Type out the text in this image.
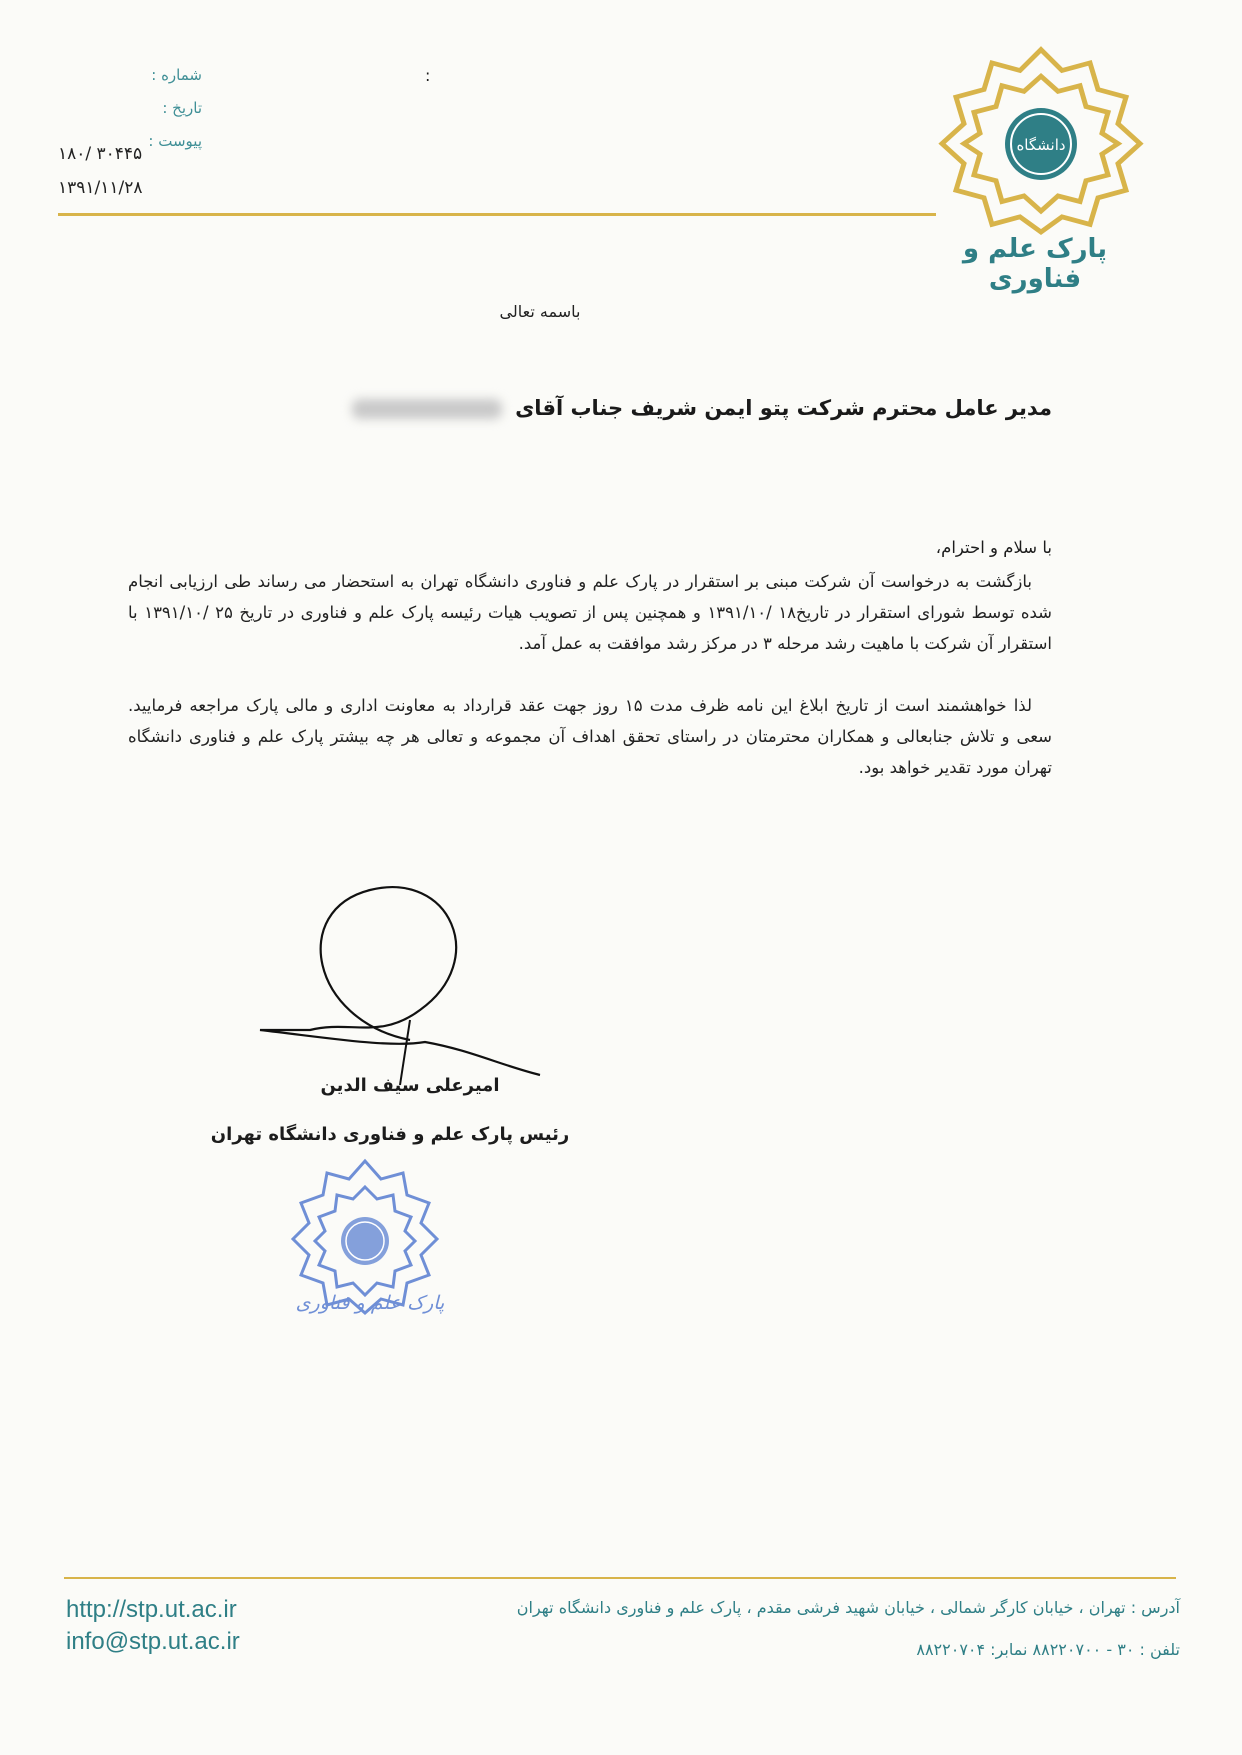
شماره :
تاریخ :
پیوست :
۱۸۰/ ۳۰۴۴۵
۱۳۹۱/۱۱/۲۸
:
دانشگاه
پارک علم و فناوری
باسمه تعالی
مدیر عامل محترم شرکت پتو ایمن شریف جناب آقای
با سلام و احترام،
بازگشت به درخواست آن شرکت مبنی بر استقرار در پارک علم و فناوری دانشگاه تهران به استحضار می رساند طی ارزیابی انجام شده توسط شورای استقرار در تاریخ۱۸ /۱۳۹۱/۱۰ و همچنین پس از تصویب هیات رئیسه پارک علم و فناوری در تاریخ ۲۵ /۱۳۹۱/۱۰ با استقرار آن شرکت با ماهیت رشد مرحله ۳ در مرکز رشد موافقت به عمل آمد.
لذا خواهشمند است از تاریخ ابلاغ این نامه ظرف مدت ۱۵ روز جهت عقد قرارداد به معاونت اداری و مالی پارک مراجعه فرمایید. سعی و تلاش جنابعالی و همکاران محترمتان در راستای تحقق اهداف آن مجموعه و تعالی هر چه بیشتر پارک علم و فناوری دانشگاه تهران مورد تقدیر خواهد بود.
امیرعلی سیف الدین
رئیس پارک علم و فناوری دانشگاه تهران
پارک علم و فناوری
http://stp.ut.ac.ir
info@stp.ut.ac.ir
آدرس : تهران ، خیابان کارگر شمالی ، خیابان شهید فرشی مقدم ، پارک علم و فناوری دانشگاه تهران
تلفن : ۳۰ - ۸۸۲۲۰۷۰۰ نمابر: ۸۸۲۲۰۷۰۴
